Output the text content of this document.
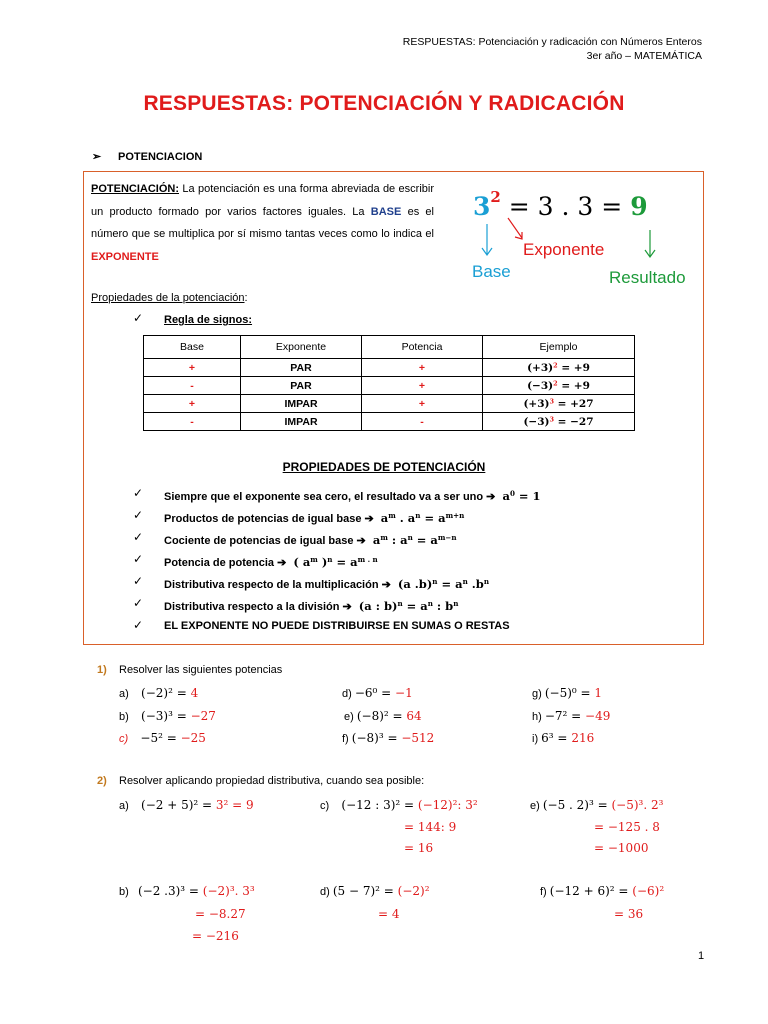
RESPUESTAS: Potenciación y radicación con Números Enteros
3er año – MATEMÁTICA
RESPUESTAS: POTENCIACIÓN Y RADICACIÓN
➢ POTENCIACION
POTENCIACIÓN: La potenciación es una forma abreviada de escribir un producto formado por varios factores iguales. La BASE es el número que se multiplica por sí mismo tantas veces como lo indica el EXPONENTE
$3^2 = 3$ . 3 = 9
Exponente
Base	Resultado
Propiedades de la potenciación:
✓ Regla de signos:
Base	Exponente	Potencia	Ejemplo
+	PAR	+	$(+3)^2 = +9$
-	PAR	+	$(-3)^2 = +9$
+	IMPAR	+	$(+3)^3 = +27$
-	IMPAR	-	$(-3)^3 = -27$
PROPIEDADES DE POTENCIACIÓN
✓ Siempre que el exponente sea cero, el resultado va a ser uno ➔  $a^0 = 1$
✓ Productos de potencias de igual base ➔  $a^m$ . $a^n = a^{m+n}$
✓ Cociente de potencias de igual base ➔  $a^m$ : $a^n = a^{m-n}$
✓ Potencia de potencia ➔  ( $a^m$ )$^n = a^{m . n}$
✓ Distributiva respecto de la multiplicación ➔  (a $.b)^n = a^n$ $.b^n$
✓ Distributiva respecto a la división ➔  (a : $b)^n = a^n$ : $b^n$
✓ EL EXPONENTE NO PUEDE DISTRIBUIRSE EN SUMAS O RESTAS
1) Resolver las siguientes potencias
a) (−2)² = 4
b) (−3)³ = −27
c) −5² = −25
d) −6⁰ = −1
e) (−8)² = 64
f) (−8)³ = −512
g) (−5)⁰ = 1
h) −7² = −49
i) 6³ = 216
2) Resolver aplicando propiedad distributiva, cuando sea posible:
a) (−2 + 5)² = 3² = 9	c) (−12 : 3)² = (−12)²: 3²
= 144: 9
= 16
e) (−5 . 2)³ = (−5)³. 2³
= −125 . 8
= −1000
b) (−2 .3)³ = (−2)³. 3³
= −8.27
= −216
d) (5 − 7)² = (−2)²
= 4
f) (−12 + 6)² = (−6)²
= 36
1
